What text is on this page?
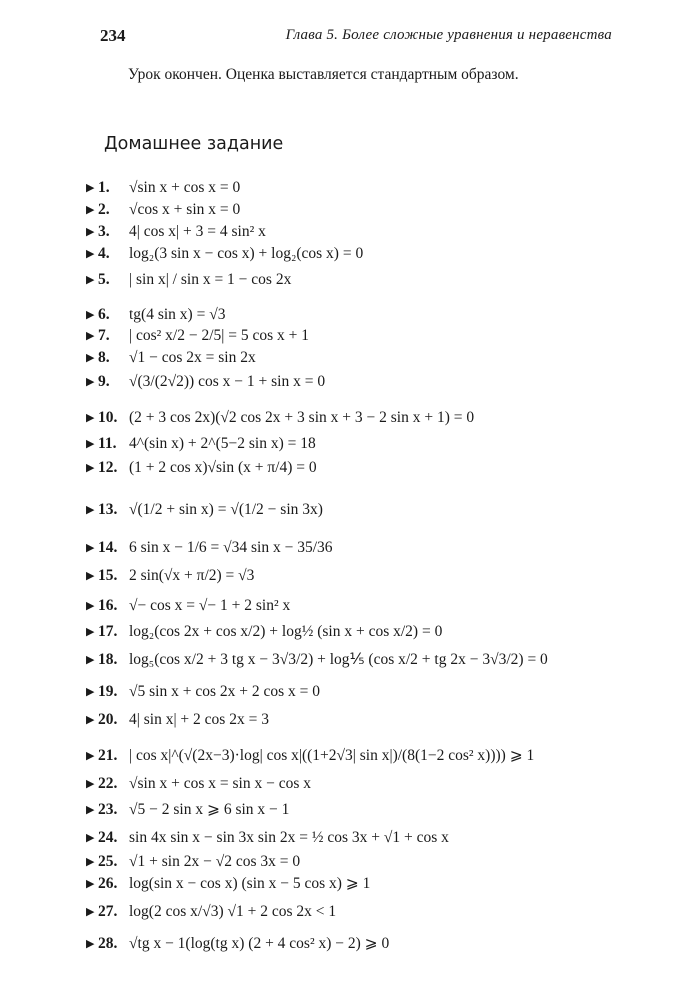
234	Глава 5. Более сложные уравнения и неравенства
Урок окончен. Оценка выставляется стандартным образом.
Домашнее задание
▶ 1. √sin x + cos x = 0
▶ 2. √cos x + sin x = 0
▶ 3. 4| cos x| + 3 = 4 sin² x
▶ 4. log₂(3 sin x − cos x) + log₂(cos x) = 0
▶ 5. | sin x| / sin x = 1 − cos 2x
▶ 6. tg(4 sin x) = √3
▶ 7. | cos² x/2 − 2/5| = 5 cos x + 1
▶ 8. √1 − cos 2x = sin 2x
▶ 9. √(3/(2√2)) cos x − 1 + sin x = 0
▶ 10. (2 + 3 cos 2x)(√2 cos 2x + 3 sin x + 3 − 2 sin x + 1) = 0
▶ 11. 4^(sin x) + 2^(5−2 sin x) = 18
▶ 12. (1 + 2 cos x)√sin (x + π/4) = 0
▶ 13. √(1/2 + sin x) = √(1/2 − sin 3x)
▶ 14. 6 sin x − 1/6 = √34 sin x − 35/36
▶ 15. 2 sin(√x + π/2) = √3
▶ 16. √− cos x = √− 1 + 2 sin² x
▶ 17. log₂(cos 2x + cos x/2) + log½ (sin x + cos x/2) = 0
▶ 18. log₅(cos x/2 + 3 tg x − 3√3/2) + log⅕ (cos x/2 + tg 2x − 3√3/2) = 0
▶ 19. √5 sin x + cos 2x + 2 cos x = 0
▶ 20. 4| sin x| + 2 cos 2x = 3
▶ 21. | cos x|^(√(2x−3)·log| cos x|((1+2√3| sin x|)/(8(1−2 cos² x)))) ⩾ 1
▶ 22. √sin x + cos x = sin x − cos x
▶ 23. √5 − 2 sin x ⩾ 6 sin x − 1
▶ 24. sin 4x sin x − sin 3x sin 2x = ½ cos 3x + √1 + cos x
▶ 25. √1 + sin 2x − √2 cos 3x = 0
▶ 26. log(sin x − cos x) (sin x − 5 cos x) ⩾ 1
▶ 27. log(2 cos x/√3) √1 + 2 cos 2x < 1
▶ 28. √tg x − 1(log(tg x) (2 + 4 cos² x) − 2) ⩾ 0
